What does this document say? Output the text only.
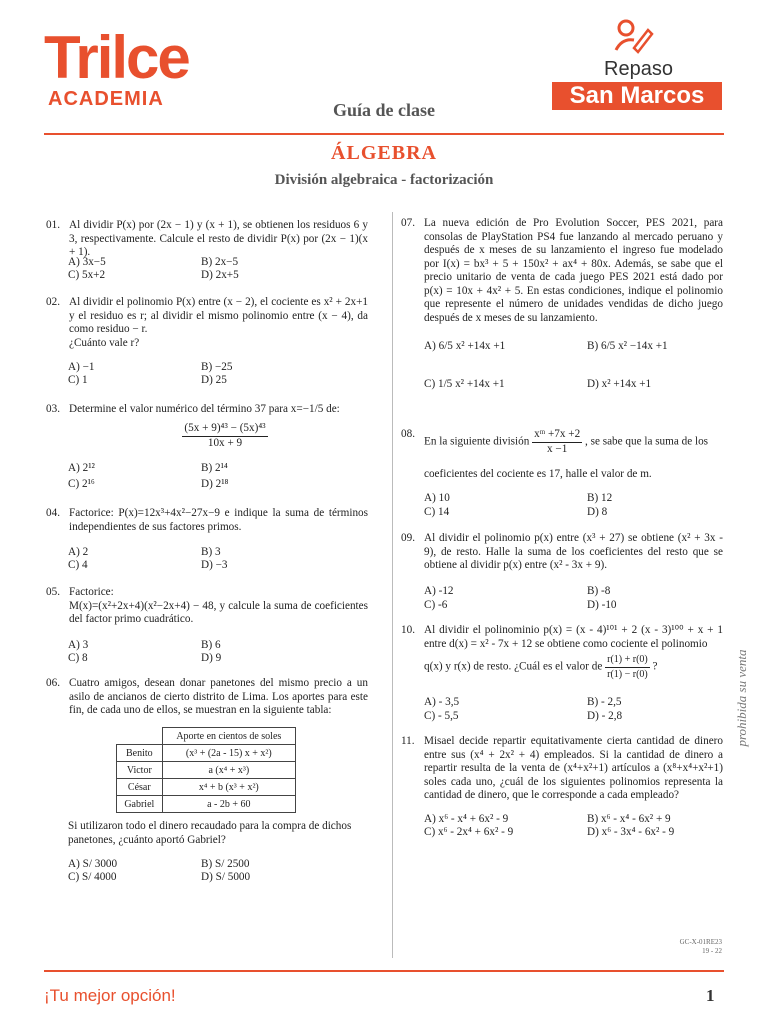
Trilce
ACADEMIA
Repaso
San Marcos
Guía de clase
ÁLGEBRA
División algebraica - factorización
01. Al dividir P(x) por (2x − 1) y (x + 1), se obtienen los residuos 6 y 3, respectivamente. Calcule el resto de dividir P(x) por (2x − 1)(x + 1).
A) 3x−5	B) 2x−5
C) 5x+2	D) 2x+5
02. Al dividir el polinomio P(x) entre (x − 2), el cociente es x² + 2x+1 y el residuo es r; al dividir el mismo polinomio entre (x − 4), da como residuo − r.
¿Cuánto vale r?
A) −1	B) −25
C) 1	D) 25
03. Determine el valor numérico del término 37 para x=−1/5 de:
$\frac{\text{(5x + 9)⁴³ − (5x)⁴³}}{10x + 9}$
A) 2¹²	B) 2¹⁴
C) 2¹⁶	D) 2¹⁸
04. Factorice: P(x)=12x³+4x²−27x−9 e indique la suma de términos independientes de sus factores primos.
A) 2	B) 3
C) 4	D) −3
05. Factorice:
M(x)=(x²+2x+4)(x²−2x+4) − 48, y calcule la suma de coeficientes del factor primo cuadrático.
A) 3	B) 6
C) 8	D) 9
06. Cuatro amigos, desean donar panetones del mismo precio a un asilo de ancianos de cierto distrito de Lima. Los aportes para este fin, de cada uno de ellos, se muestran en la siguiente tabla:
	Aporte en cientos de soles
Benito	(x³ + (2a - 15) x + x²)
Victor	a (x⁴ + x³)
César	x⁴ + b (x³ + x²)
Gabriel	a - 2b + 60
Si utilizaron todo el dinero recaudado para la compra de dichos panetones, ¿cuánto aportó Gabriel?
A) S/ 3000	B) S/ 2500
C) S/ 4000	D) S/ 5000
07. La nueva edición de Pro Evolution Soccer, PES 2021, para consolas de PlayStation PS4 fue lanzando al mercado peruano y después de x meses de su lanzamiento el ingreso fue modelado por I(x) = bx³ + 5 + 150x² + ax⁴ + 80x. Además, se sabe que el precio unitario de venta de cada juego PES 2021 está dado por p(x) = 10x + 4x² + 5. En estas condiciones, indique el polinomio que represente el número de unidades vendidas de dicho juego después de x meses de su lanzamiento.
A) 6/5 x² +14x +1	B) 6/5 x² −14x +1
C) 1/5 x² +14x +1	D) x² +14x +1
08.
En la siguiente división $\frac{\text{xᵐ +7x +2}}{x -1}$ , se sabe que la suma de los
coeficientes del cociente es 17, halle el valor de m.
A) 10	B) 12
C) 14	D) 8
09. Al dividir el polinomio p(x) entre (x³ + 27) se obtiene (x² + 3x - 9), de resto. Halle la suma de los coeficientes del resto que se obtiene al dividir p(x) entre (x² - 3x + 9).
A) -12	B) -8
C) -6	D) -10
10. Al dividir el polinominio p(x) = (x - 4)¹⁰¹ + 2 (x - 3)¹⁰⁰ + x + 1 entre d(x) = x² - 7x + 12 se obtiene como cociente el polinomio
q(x) y r(x) de resto. ¿Cuál es el valor de $\frac{r(1) + r(0)}{r(1) - r(0)}$ ?
A) - 3,5	B) - 2,5
C) - 5,5	D) - 2,8
11. Misael decide repartir equitativamente cierta cantidad de dinero entre sus (x⁴ + 2x² + 4) empleados. Si la cantidad de dinero a repartir resulta de la venta de (x⁴+x²+1) artículos a (x⁸+x⁴+x²+1) soles cada uno, ¿cuál de los siguientes polinomios representa la cantidad de dinero, que le corresponde a cada empleado?
A) x⁶ - x⁴ + 6x² - 9	B) x⁶ - x⁴ - 6x² + 9
C) x⁶ - 2x⁴ + 6x² - 9	D) x⁶ - 3x⁴ - 6x² - 9
prohibida su venta
GC-X-01RE23
19 - 22
¡Tu mejor opción!	1
